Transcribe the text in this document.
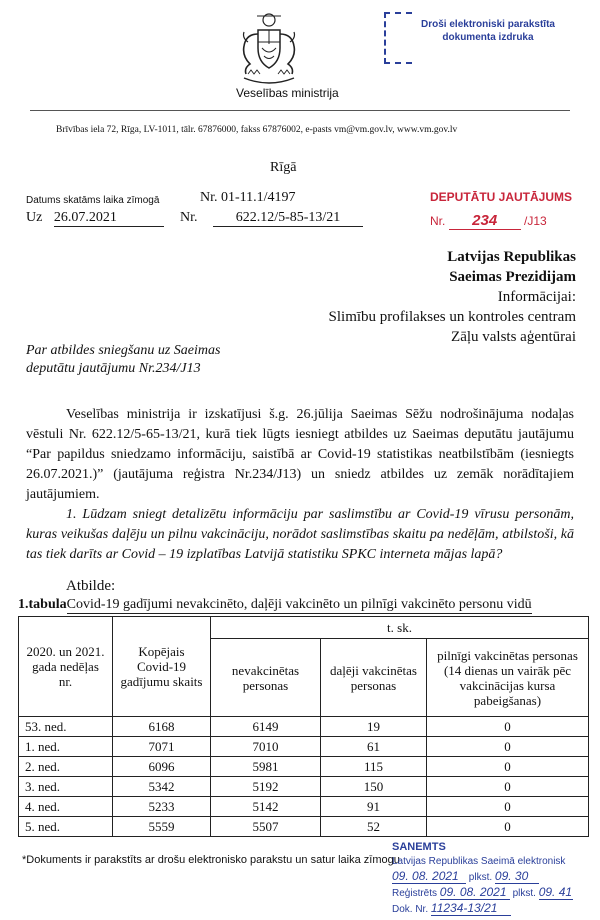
Veselības ministrija
Brīvības iela 72, Rīga, LV-1011, tālr. 67876000, fakss 67876002, e-pasts vm@vm.gov.lv, www.vm.gov.lv
Droši elektroniski parakstīta
dokumenta izdruka
Rīgā
Datums skatāms laika zīmogā	Nr. 01-11.1/4197
Uz 26.07.2021	Nr.	622.12/5-85-13/21
DEPUTĀTU JAUTĀJUMS
Nr. 234 /J13
Latvijas Republikas
Saeimas Prezidijam
Informācijai:
Slimību profilakses un kontroles centram
Zāļu valsts aģentūrai
Par atbildes sniegšanu uz Saeimas
deputātu jautājumu Nr.234/J13

Veselības ministrija ir izskatījusi š.g. 26.jūlija Saeimas Sēžu nodrošinājuma nodaļas vēstuli Nr. 622.12/5-65-13/21, kurā tiek lūgts iesniegt atbildes uz Saeimas deputātu jautājumu “Par papildus sniedzamo informāciju, saistībā ar Covid-19 statistikas neatbilstībām (iesniegts 26.07.2021.)” (jautājuma reģistra Nr.234/J13) un sniedz atbildes uz zemāk norādītajiem jautājumiem.

1. Lūdzam sniegt detalizētu informāciju par saslimstību ar Covid-19 vīrusu personām, kuras veikušas daļēju un pilnu vakcināciju, norādot saslimstības skaitu pa nedēļām, atbilstoši, kā tas tiek darīts ar Covid – 19 izplatības Latvijā statistiku SPKC interneta mājas lapā?

Atbilde:
1.tabulaCovid-19 gadījumi nevakcinēto, daļēji vakcinēto un pilnīgi vakcinēto personu vidū
2020. un 2021. gada nedēļas nr.	Kopējais Covid-19 gadījumu skaits	t. sk.		
		nevakcinētas personas	daļēji vakcinētas personas	pilnīgi vakcinētas personas (14 dienas un vairāk pēc vakcinācijas kursa pabeigšanas)
53. ned.	6168	6149	19	0
1. ned.	7071	7010	61	0
2. ned.	6096	5981	115	0
3. ned.	5342	5192	150	0
4. ned.	5233	5142	91	0
5. ned.	5559	5507	52	0
*Dokuments ir parakstīts ar drošu elektronisko parakstu un satur laika zīmogu
SANEMTS
Latvijas Republikas Saeimā elektronisk
09. 08. 2021 plkst. 09. 30
Reģistrēts 09. 08. 2021 plkst. 09. 41
Dok. Nr. 11234-13/21
